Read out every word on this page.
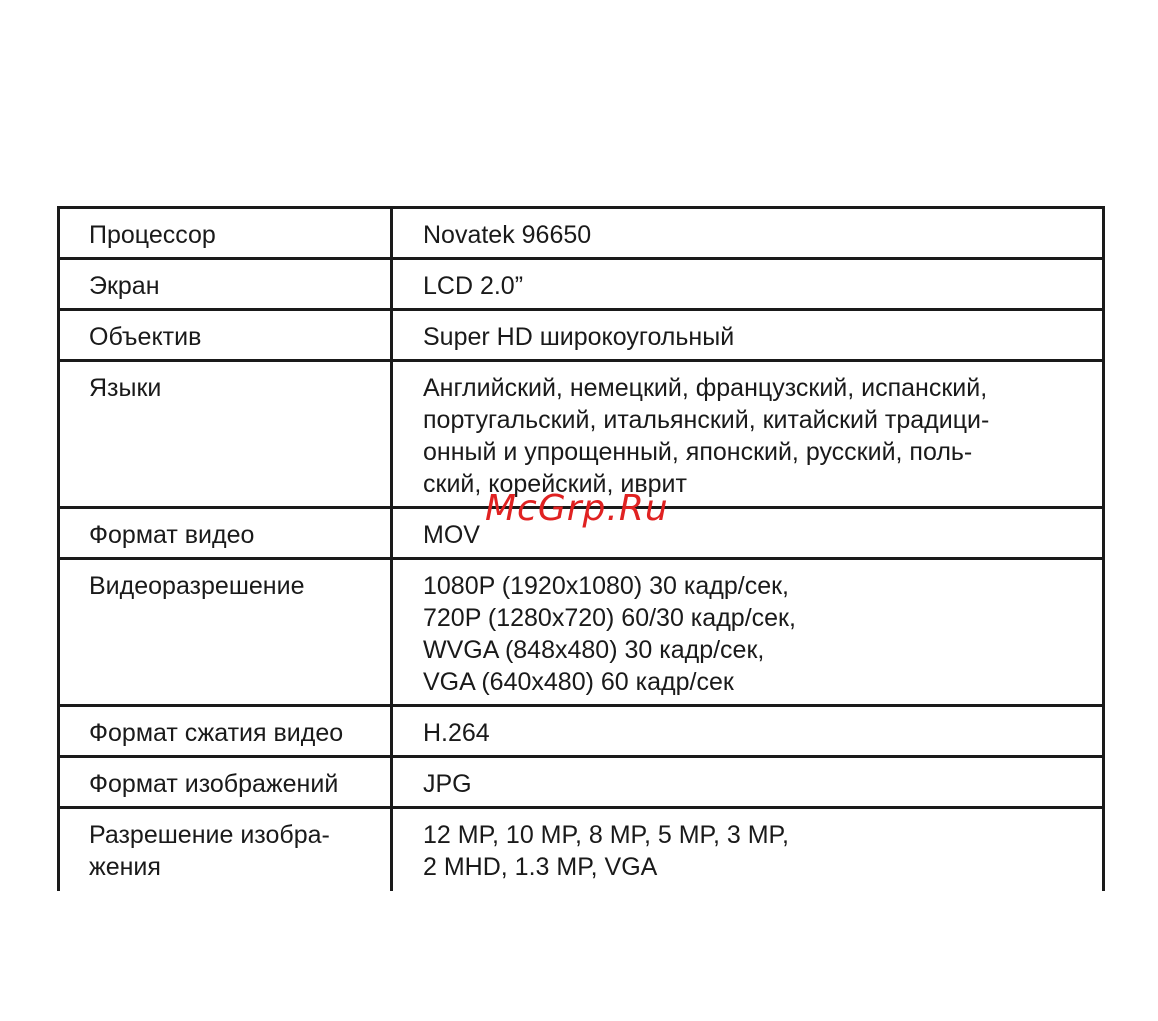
Процессор	Novatek 96650
Экран	LCD 2.0”
Объектив	Super HD широкоугольный
Языки	Английский, немецкий, французский, испанский,
португальский, итальянский, китайский традици-
онный и упрощенный, японский, русский, поль-
ский, корейский, иврит
Формат видео	MOV
Видеоразрешение	1080P (1920x1080) 30 кадр/сек,
720P (1280x720) 60/30 кадр/сек,
WVGA (848x480) 30 кадр/сек,
VGA (640x480) 60 кадр/сек
Формат сжатия видео	H.264
Формат изображений	JPG
Разрешение изобра-
жения	12 MP, 10 MP, 8 MP, 5 MP, 3 MP,
2 MHD, 1.3 MP, VGA
McGrp.Ru
